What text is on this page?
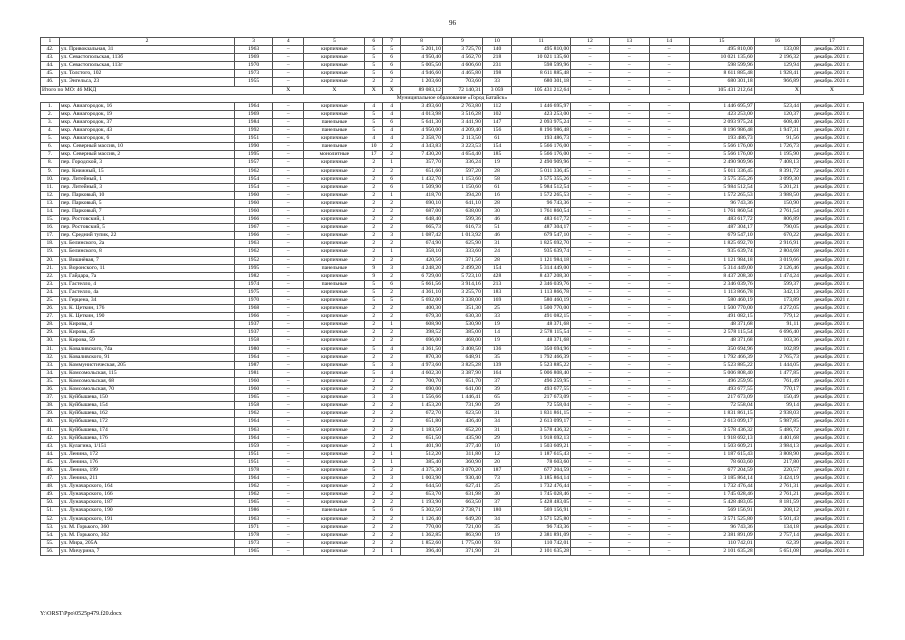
96
1	2	3	4	5	6	7	8	9	10	11	12	13	14	15	16	17
42.	ул. Привокзальная, 31	1963	–	кирпичные	5	5	5 201,10	3 725,70	140	495 810,00	–	–	–	495 810,00	133,08	декабрь 2021 г.
43.	ул. Севастопольская, 113б	1969	–	кирпичные	5	6	4 950,40	4 562,70	218	10 021 135,60	–	–	–	10 021 135,60	2 196,32	декабрь 2021 г.
44.	ул. Севастопольская, 113г	1970	–	кирпичные	5	6	5 005,50	4 606,60	231	598 599,96	–	–	–	598 599,96	129,94	декабрь 2021 г.
45.	ул. Толстого, 102	1973	–	кирпичные	5	6	4 946,60	4 465,80	198	8 611 885,48	–	–	–	8 611 885,48	1 928,41	декабрь 2021 г.
46.	ул. Энгельса, 23	1955	–	кирпичные	2	2	1 203,60	703,60	33	680 301,18	–	–	–	680 301,18	966,89	декабрь 2021 г.
Итого по МО: 46 МКД			X	X	X	X	89 083,12	72 140,31	3 059	105 431 212,64	–	–	–	105 431 212,64	X	X
Муниципальное образование «Город Батайск»																
1.	мкр. Авиагородок, 16	1964	–	кирпичные	4	4	3 493,60	2 763,80	112	1 446 695,97	–	–	–	1 446 695,97	523,44	декабрь 2021 г.
2.	мкр. Авиагородок, 19	1969	–	кирпичные	5	4	4 013,98	3 516,28	102	423 253,00	–	–	–	423 253,00	120,37	декабрь 2021 г.
3.	мкр. Авиагородок, 37	1984	–	панельные	5	6	5 641,30	3 441,90	147	2 093 975,24	–	–	–	2 093 975,24	608,40	декабрь 2021 г.
4.	мкр. Авиагородок, 43	1992	–	панельные	5	4	4 950,00	4 209,40	156	8 196 986,48	–	–	–	8 196 986,48	1 947,31	декабрь 2021 г.
5.	мкр. Авиагородок, 6	1951	–	кирпичные	4	4	2 358,70	2 113,50	61	193 486,73	–	–	–	193 486,73	91,56	декабрь 2021 г.
6.	мкр. Северный массив, 10	1990	–	панельные	10	2	4 343,83	3 223,53	154	5 566 176,00	–	–	–	5 566 176,00	1 726,73	декабрь 2021 г.
7.	мкр. Северный массив, 2	1995	–	монолитные	17	2	7 430,20	4 654,40	185	5 566 176,00	–	–	–	5 566 176,00	1 195,90	декабрь 2021 г.
8.	пер. Городской, 3	1957	–	кирпичные	2	1	357,70	336,24	19	2 490 909,96	–	–	–	2 490 909,96	7 408,13	декабрь 2021 г.
9.	пер. Книжный, 15	1962	–	кирпичные	2	2	651,60	597,20	28	5 011 336,45	–	–	–	5 011 336,45	8 391,72	декабрь 2021 г.
10.	пер. Литейный, 1	1954	–	кирпичные	2	6	1 432,70	1 153,60	58	3 575 355,26	–	–	–	3 575 355,26	3 099,30	декабрь 2021 г.
11.	пер. Литейный, 3	1954	–	кирпичные	2	6	1 509,90	1 150,60	61	5 984 512,54	–	–	–	5 984 512,54	5 201,21	декабрь 2021 г.
12.	пер. Парковый, 10	1960	–	кирпичные	2	1	418,70	394,20	16	1 572 265,53	–	–	–	1 572 265,53	3 988,50	декабрь 2021 г.
13.	пер. Парковый, 5	1960	–	кирпичные	2	2	690,10	641,10	28	96 743,36	–	–	–	96 743,36	150,90	декабрь 2021 г.
14.	пер. Парковый, 7	1960	–	кирпичные	2	2	687,00	638,00	30	1 761 860,54	–	–	–	1 761 860,54	2 761,54	декабрь 2021 г.
15.	пер. Ростовский, 1	1966	–	кирпичные	2	2	648,40	599,36	46	483 617,72	–	–	–	483 617,72	806,89	декабрь 2021 г.
16.	пер. Ростовский, 5	1967	–	кирпичные	2	2	665,73	616,73	51	487 304,17	–	–	–	487 304,17	790,05	декабрь 2021 г.
17.	пер. Средний тупик, 22	1966	–	кирпичные	2	3	1 087,42	1 013,92	46	679 547,10	–	–	–	679 547,10	670,22	декабрь 2021 г.
18.	ул. Белинского, 2а	1963	–	кирпичные	2	2	674,90	625,90	31	1 825 692,70	–	–	–	1 825 692,70	2 916,91	декабрь 2021 г.
19.	ул. Белинского, 8	1962	–	кирпичные	2	1	358,10	333,60	24	935 639,74	–	–	–	935 639,74	2 804,68	декабрь 2021 г.
20.	ул. Вишнёвая, 7	1952	–	кирпичные	2	2	420,56	371,56	28	1 121 984,18	–	–	–	1 121 984,18	3 019,66	декабрь 2021 г.
21.	ул. Воронского, 11	1995	–	панельные	9	3	4 248,20	2 499,20	154	5 314 449,00	–	–	–	5 314 449,00	2 126,46	декабрь 2021 г.
22.	ул. Гайдара, 7а	1982	–	кирпичные	9	2	6 729,00	5 723,10	428	8 437 208,30	–	–	–	8 437 208,30	1 474,24	декабрь 2021 г.
23.	ул. Гастелло, 4	1974	–	панельные	5	6	5 661,56	3 914,16	213	2 346 039,76	–	–	–	2 346 039,76	599,37	декабрь 2021 г.
24.	ул. Гастелло, 4а	1975	–	кирпичные	5	2	4 361,10	3 255,70	183	1 113 866,78	–	–	–	1 113 866,78	342,13	декабрь 2021 г.
25.	ул. Герцена, 34	1970	–	кирпичные	5	5	5 692,00	3 338,00	169	580 460,19	–	–	–	580 460,19	173,89	декабрь 2021 г.
26.	ул. К. Цеткин, 176	1968	–	кирпичные	2	2	400,30	351,30	25	1 500 770,00	–	–	–	1 500 770,00	4 272,05	декабрь 2021 г.
27.	ул. К. Цеткин, 190	1966	–	кирпичные	2	2	679,30	630,30	33	491 082,15	–	–	–	491 082,15	779,12	декабрь 2021 г.
28.	ул. Кирова, 4	1937	–	кирпичные	2	1	608,90	530,90	19	48 371,68	–	–	–	48 371,68	91,11	декабрь 2021 г.
29.	ул. Кирова, 45	1937	–	кирпичные	2	2	398,52	385,00	14	2 578 115,54	–	–	–	2 578 115,54	6 696,40	декабрь 2021 г.
30.	ул. Кирова, 59	1958	–	кирпичные	2	2	696,00	468,00	19	48 371,68	–	–	–	48 371,68	103,36	декабрь 2021 г.
31.	ул. Коваливского, 74а	1980	–	кирпичные	5	4	4 361,50	3 408,50	136	350 694,96	–	–	–	350 694,96	102,89	декабрь 2021 г.
32.	ул. Коваливского, 91	1964	–	кирпичные	2	2	870,30	648,91	35	1 792 466,39	–	–	–	1 792 466,39	2 765,73	декабрь 2021 г.
33.	ул. Коммунистическая, 205	1987	–	кирпичные	5	3	4 973,60	3 825,28	139	5 523 885,22	–	–	–	5 523 885,22	1 444,05	декабрь 2021 г.
34.	ул. Комсомольская, 115	1981	–	кирпичные	5	4	4 602,30	3 387,90	164	5 006 808,40	–	–	–	5 006 808,40	1 477,85	декабрь 2021 г.
35.	ул. Комсомольская, 68	1960	–	кирпичные	2	2	700,70	651,70	37	496 259,95	–	–	–	496 259,95	761,49	декабрь 2021 г.
36.	ул. Комсомольская, 70	1960	–	кирпичные	2	2	690,00	641,00	39	493 677,55	–	–	–	493 677,55	770,17	декабрь 2021 г.
37.	ул. Куйбышева, 150	1965	–	кирпичные	3	3	1 556,66	1 446,41	65	217 673,09	–	–	–	217 673,09	150,49	декабрь 2021 г.
38.	ул. Куйбышева, 154	1958	–	кирпичные	2	2	1 453,20	731,90	29	72 558,04	–	–	–	72 558,04	99,14	декабрь 2021 г.
39.	ул. Куйбышева, 162	1962	–	кирпичные	2	2	672,70	623,50	31	1 831 861,15	–	–	–	1 831 861,15	2 938,03	декабрь 2021 г.
40.	ул. Куйбышева, 172	1964	–	кирпичные	2	2	651,80	436,40	34	2 613 099,17	–	–	–	2 613 099,17	5 987,85	декабрь 2021 г.
41.	ул. Куйбышева, 174	1963	–	кирпичные	2	2	1 183,50	652,20	31	3 578 436,32	–	–	–	3 578 436,32	5 486,72	декабрь 2021 г.
42.	ул. Куйбышева, 176	1964	–	кирпичные	2	2	651,50	435,90	29	1 918 692,13	–	–	–	1 918 692,13	4 401,68	декабрь 2021 г.
43.	ул. Кулагина, 1/151	1959	–	кирпичные	2	1	401,90	377,40	10	1 503 609,21	–	–	–	1 503 609,21	3 984,13	декабрь 2021 г.
44.	ул. Ленина, 172	1951	–	кирпичные	2	1	512,20	311,80	12	1 187 615,43	–	–	–	1 187 615,43	3 808,90	декабрь 2021 г.
45.	ул. Ленина, 176	1951	–	кирпичные	2	1	385,40	360,90	20	78 603,60	–	–	–	78 603,60	217,80	декабрь 2021 г.
46.	ул. Ленина, 199	1978	–	кирпичные	5	2	4 375,30	3 070,20	187	677 204,59	–	–	–	677 204,59	220,57	декабрь 2021 г.
47.	ул. Ленина, 211	1964	–	кирпичные	2	3	1 003,90	930,40	73	3 185 864,14	–	–	–	3 185 864,14	3 424,19	декабрь 2021 г.
48.	ул. Луначарского, 164	1962	–	кирпичные	2	2	644,50	627,41	25	1 732 476,44	–	–	–	1 732 476,44	2 761,31	декабрь 2021 г.
49.	ул. Луначарского, 166	1962	–	кирпичные	2	2	653,70	631,98	30	1 745 028,46	–	–	–	1 745 028,46	2 761,21	декабрь 2021 г.
50.	ул. Луначарского, 187	1965	–	кирпичные	2	2	1 193,90	663,50	37	5 428 483,05	–	–	–	5 428 483,05	8 181,59	декабрь 2021 г.
51.	ул. Луначарского, 190	1986	–	панельные	5	6	5 302,50	2 738,71	180	569 156,91	–	–	–	569 156,91	208,12	декабрь 2021 г.
52.	ул. Луначарского, 191	1963	–	кирпичные	2	2	1 126,40	649,20	34	3 571 525,80	–	–	–	3 571 525,80	5 501,43	декабрь 2021 г.
53.	ул. М. Горького, 360	1971	–	кирпичные	2	2	770,00	721,00	35	96 743,36	–	–	–	96 743,36	134,18	декабрь 2021 г.
54.	ул. М. Горького, 362	1978	–	кирпичные	2	2	1 362,85	863,90	19	2 381 891,09	–	–	–	2 381 891,09	2 757,14	декабрь 2021 г.
55.	ул. Мира, 205А	1973	–	кирпичные	2	2	1 852,60	1 775,00	93	110 742,01	–	–	–	110 742,01	62,39	декабрь 2021 г.
56.	ул. Мичурина, 7	1965	–	кирпичные	2	1	396,40	371,90	21	2 101 635,28	–	–	–	2 101 635,28	5 651,08	декабрь 2021 г.
Y:\ORST\Ppo\0525p479.f20.docx
